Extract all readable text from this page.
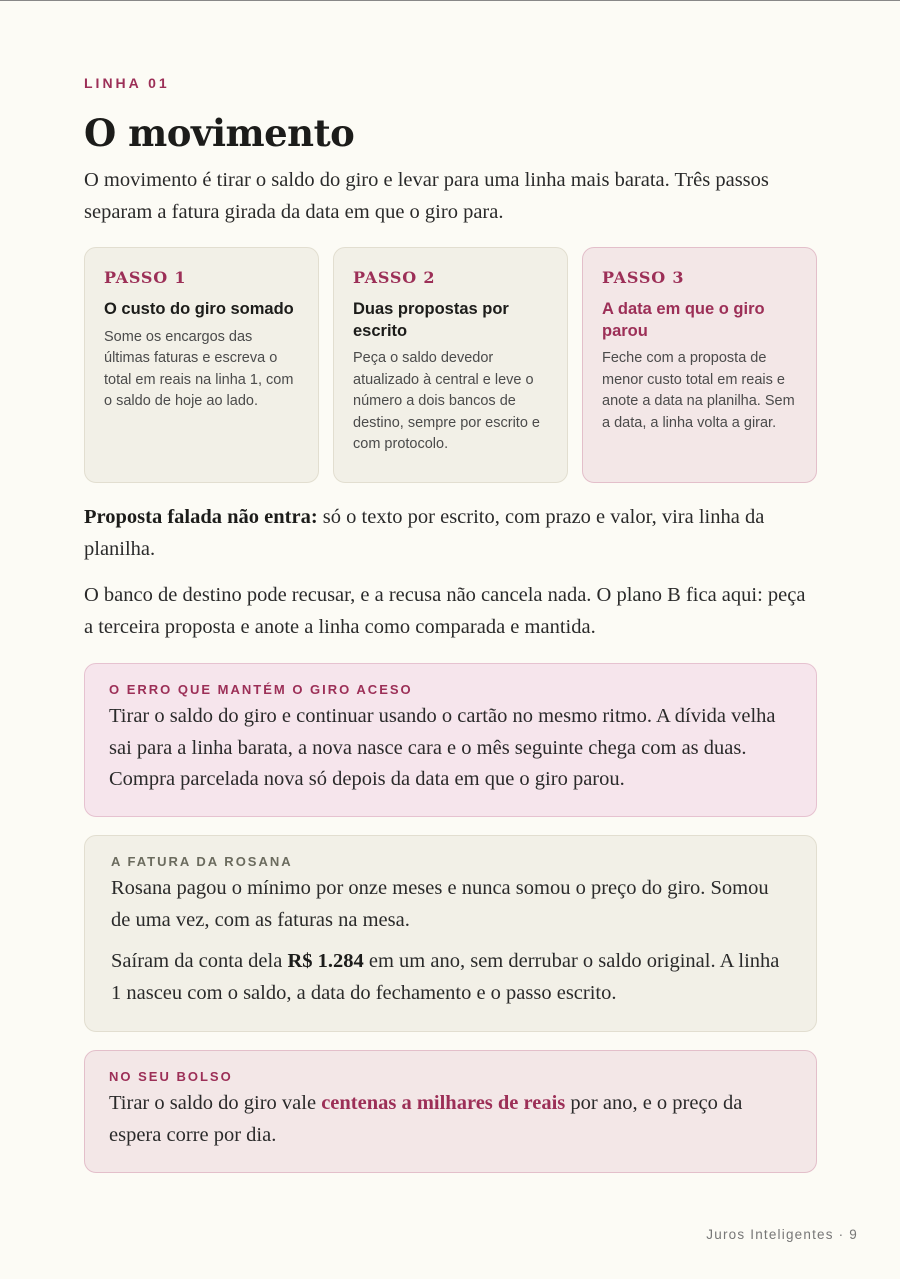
LINHA 01
O movimento

O movimento é tirar o saldo do giro e levar para uma linha mais barata. Três passos separam a fatura girada da data em que o giro para.

PASSO 1
O custo do giro somado
Some os encargos das últimas faturas e escreva o total em reais na linha 1, com o saldo de hoje ao lado.
PASSO 2
Duas propostas por escrito
Peça o saldo devedor atualizado à central e leve o número a dois bancos de destino, sempre por escrito e com protocolo.
PASSO 3
A data em que o giro parou
Feche com a proposta de menor custo total em reais e anote a data na planilha. Sem a data, a linha volta a girar.

Proposta falada não entra: só o texto por escrito, com prazo e valor, vira linha da planilha.

O banco de destino pode recusar, e a recusa não cancela nada. O plano B fica aqui: peça a terceira proposta e anote a linha como comparada e mantida.

O ERRO QUE MANTÉM O GIRO ACESO

Tirar o saldo do giro e continuar usando o cartão no mesmo ritmo. A dívida velha sai para a linha barata, a nova nasce cara e o mês seguinte chega com as duas. Compra parcelada nova só depois da data em que o giro parou.

A FATURA DA ROSANA

Rosana pagou o mínimo por onze meses e nunca somou o preço do giro. Somou de uma vez, com as faturas na mesa.

Saíram da conta dela R$ 1.284 em um ano, sem derrubar o saldo original. A linha 1 nasceu com o saldo, a data do fechamento e o passo escrito.

NO SEU BOLSO

Tirar o saldo do giro vale centenas a milhares de reais por ano, e o preço da espera corre por dia.

Juros Inteligentes · 9
